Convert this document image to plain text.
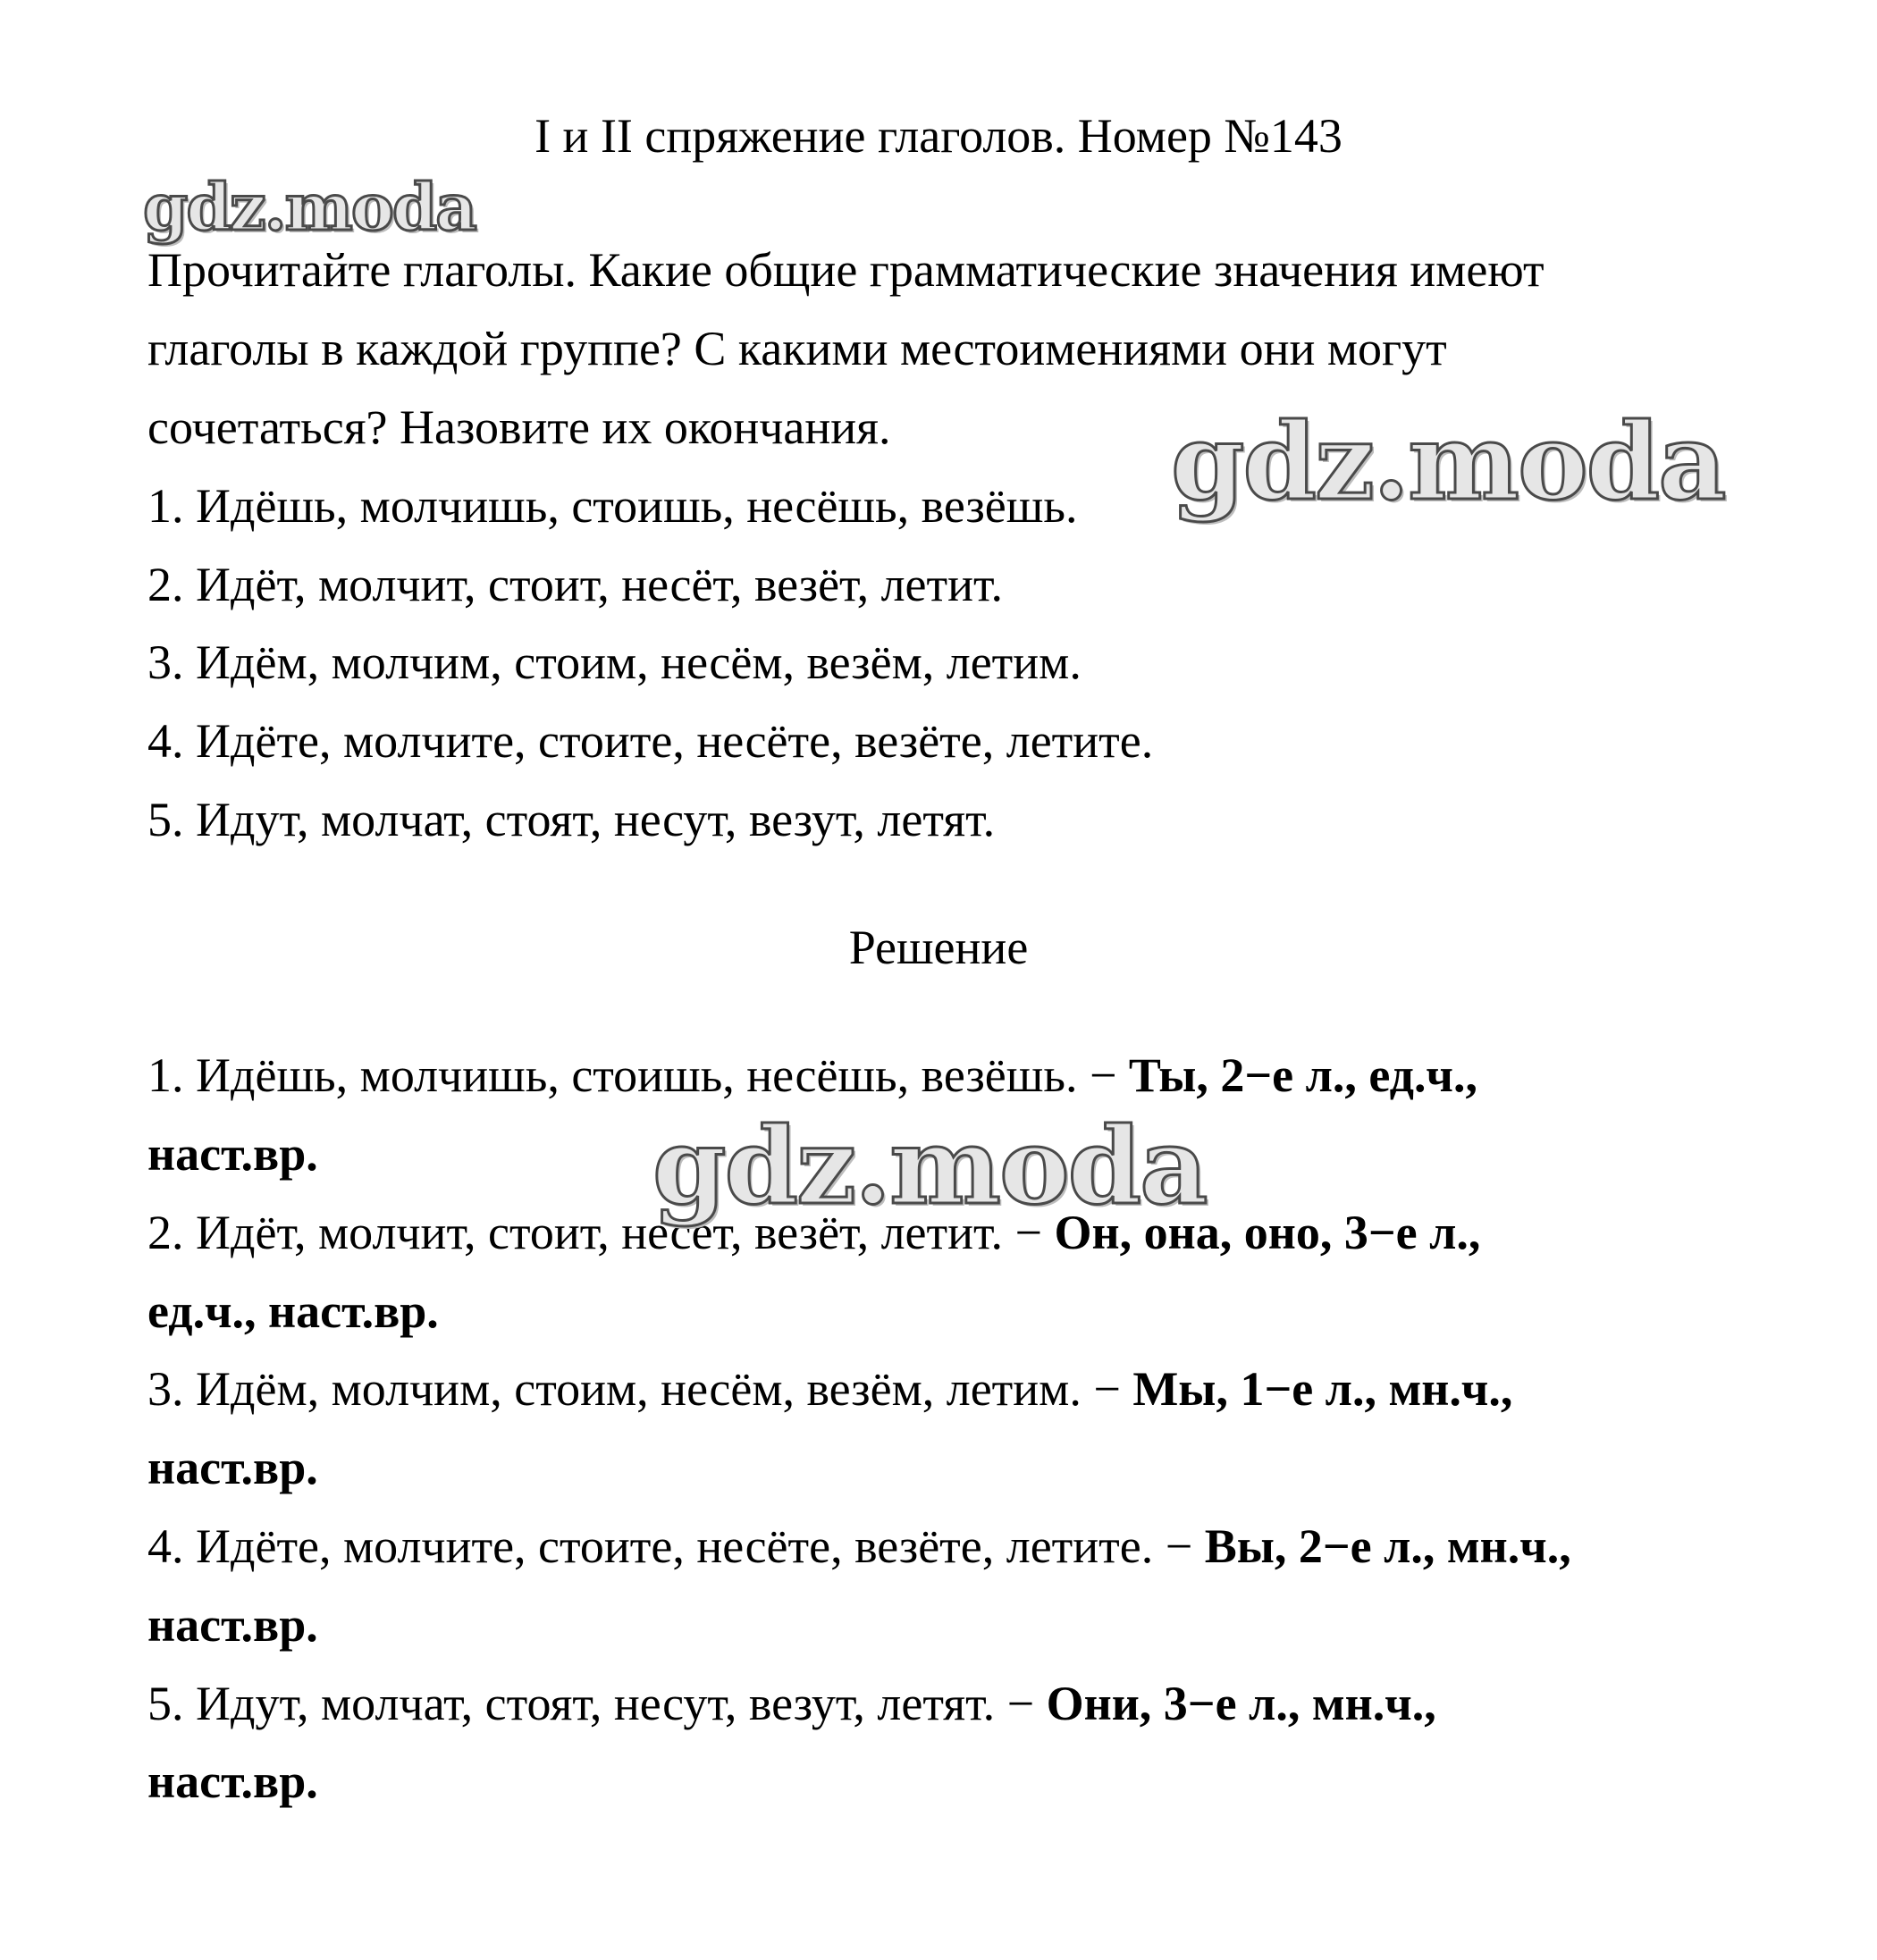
I и II спряжение глаголов. Номер №143
gdz.moda
Прочитайте глаголы. Какие общие грамматические значения имеют
глаголы в каждой группе? С какими местоимениями они могут
сочетаться? Назовите их окончания.
1. Идёшь, молчишь, стоишь, несёшь, везёшь.
2. Идёт, молчит, стоит, несёт, везёт, летит.
3. Идём, молчим, стоим, несём, везём, летим.
4. Идёте, молчите, стоите, несёте, везёте, летите.
5. Идут, молчат, стоят, несут, везут, летят.
gdz.moda
Решение
1. Идёшь, молчишь, стоишь, несёшь, везёшь. − Ты, 2−е л., ед.ч.,
наст.вр.
2. Идёт, молчит, стоит, несёт, везёт, летит. − Он, она, оно, 3−е л.,
ед.ч., наст.вр.
3. Идём, молчим, стоим, несём, везём, летим. − Мы, 1−е л., мн.ч.,
наст.вр.
4. Идёте, молчите, стоите, несёте, везёте, летите. − Вы, 2−е л., мн.ч.,
наст.вр.
5. Идут, молчат, стоят, несут, везут, летят. − Они, 3−е л., мн.ч.,
наст.вр.
gdz.moda
